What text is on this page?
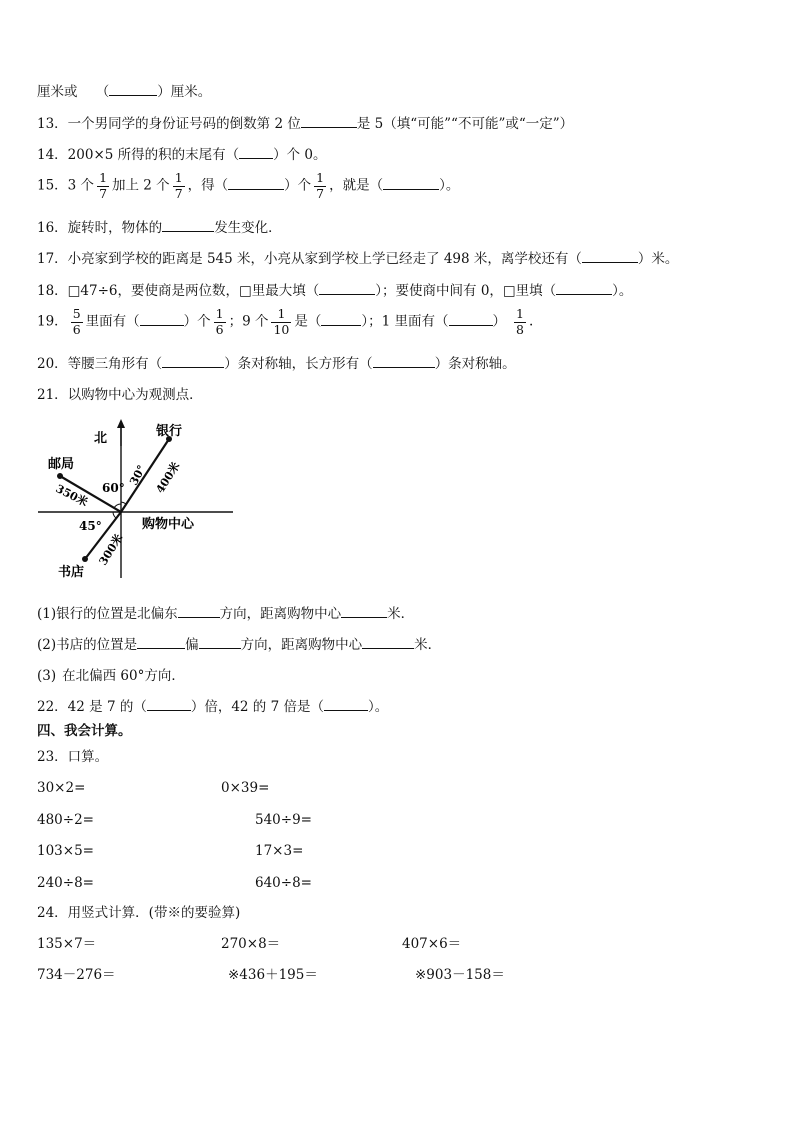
厘米或 （	）厘米。
13．一个男同学的身份证号码的倒数第 2 位	是 5（填“可能”“不可能”或“一定”）
14．200×5 所得的积的末尾有（	）个 0。
15．3 个 $\frac{1}{7}$ 加上 2 个 $\frac{1}{7}$ ，得（	）个 $\frac{1}{7}$ ，就是（	）。
16．旋转时，物体的	发生变化．
17．小亮家到学校的距离是 545 米，小亮从家到学校上学已经走了 498 米，离学校还有（	）米。
18．□47÷6，要使商是两位数，□里最大填（	）；要使商中间有 0，□里填（	）。
19． $\frac{5}{6}$ 里面有（	）个 $\frac{1}{6}$ ；9 个 $\frac{1}{10}$ 是（	）；1 里面有（	） $\frac{1}{8}$ .
20．等腰三角形有（	）条对称轴，长方形有（	）条对称轴。
21．以购物中心为观测点．
北	银行
邮局
书店
购物中心
60°
30°
45°
400米
350米
300米
(1)银行的位置是北偏东	方向，距离购物中心	米．
(2)书店的位置是	偏	方向，距离购物中心	米．
(3) 在北偏西 60°方向．
22．42 是 7 的（	）倍，42 的 7 倍是（	）。
四、我会计算。
23．口算。
30×2=	0×39=
480÷2=	540÷9=
103×5=	17×3=
240÷8=	640÷8=
24．用竖式计算．(带※的要验算)
135×7＝	270×8＝	407×6＝
734－276＝	※436＋195＝	※903－158＝
